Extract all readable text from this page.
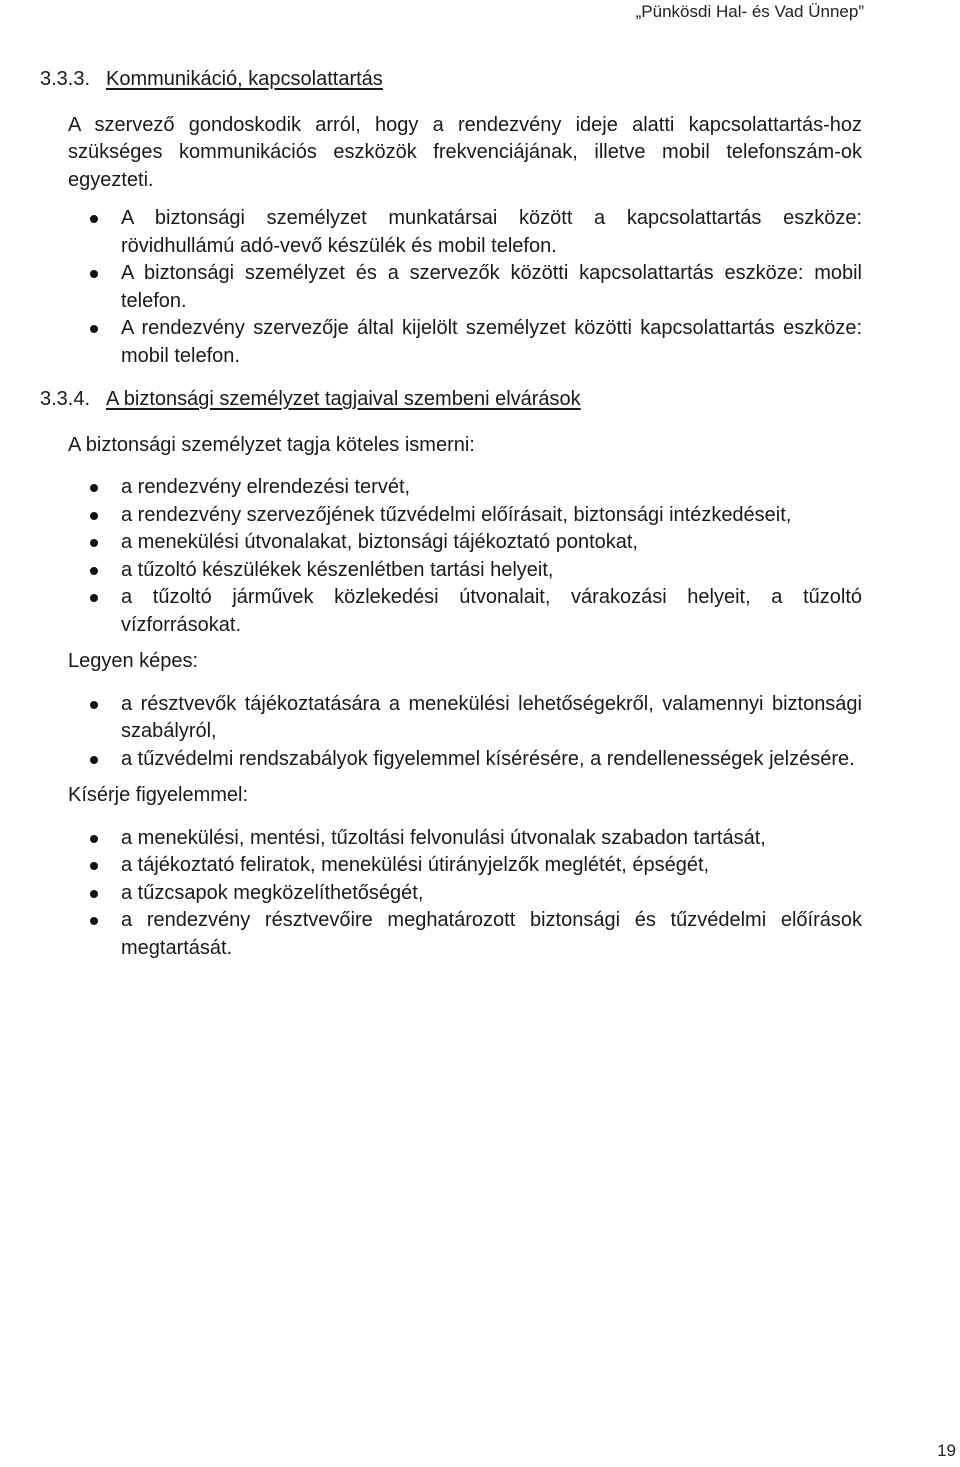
„Pünkösdi Hal- és Vad Ünnep”
3.3.3. Kommunikáció, kapcsolattartás

A szervező gondoskodik arról, hogy a rendezvény ideje alatti kapcsolattartás-hoz szükséges kommunikációs eszközök frekvenciájának, illetve mobil telefonszám-ok egyezteti.

A biztonsági személyzet munkatársai között a kapcsolattartás eszköze: rövidhullámú adó-vevő készülék és mobil telefon.
A biztonsági személyzet és a szervezők közötti kapcsolattartás eszköze: mobil telefon.
A rendezvény szervezője által kijelölt személyzet közötti kapcsolattartás eszköze: mobil telefon.
3.3.4. A biztonsági személyzet tagjaival szembeni elvárások

A biztonsági személyzet tagja köteles ismerni:

a rendezvény elrendezési tervét,
a rendezvény szervezőjének tűzvédelmi előírásait, biztonsági intézkedéseit,
a menekülési útvonalakat, biztonsági tájékoztató pontokat,
a tűzoltó készülékek készenlétben tartási helyeit,
a tűzoltó járművek közlekedési útvonalait, várakozási helyeit, a tűzoltó vízforrásokat.

Legyen képes:

a résztvevők tájékoztatására a menekülési lehetőségekről, valamennyi biztonsági szabályról,
a tűzvédelmi rendszabályok figyelemmel kísérésére, a rendellenességek jelzésére.

Kísérje figyelemmel:

a menekülési, mentési, tűzoltási felvonulási útvonalak szabadon tartását,
a tájékoztató feliratok, menekülési útirányjelzők meglétét, épségét,
a tűzcsapok megközelíthetőségét,
a rendezvény résztvevőire meghatározott biztonsági és tűzvédelmi előírások megtartását.
19
